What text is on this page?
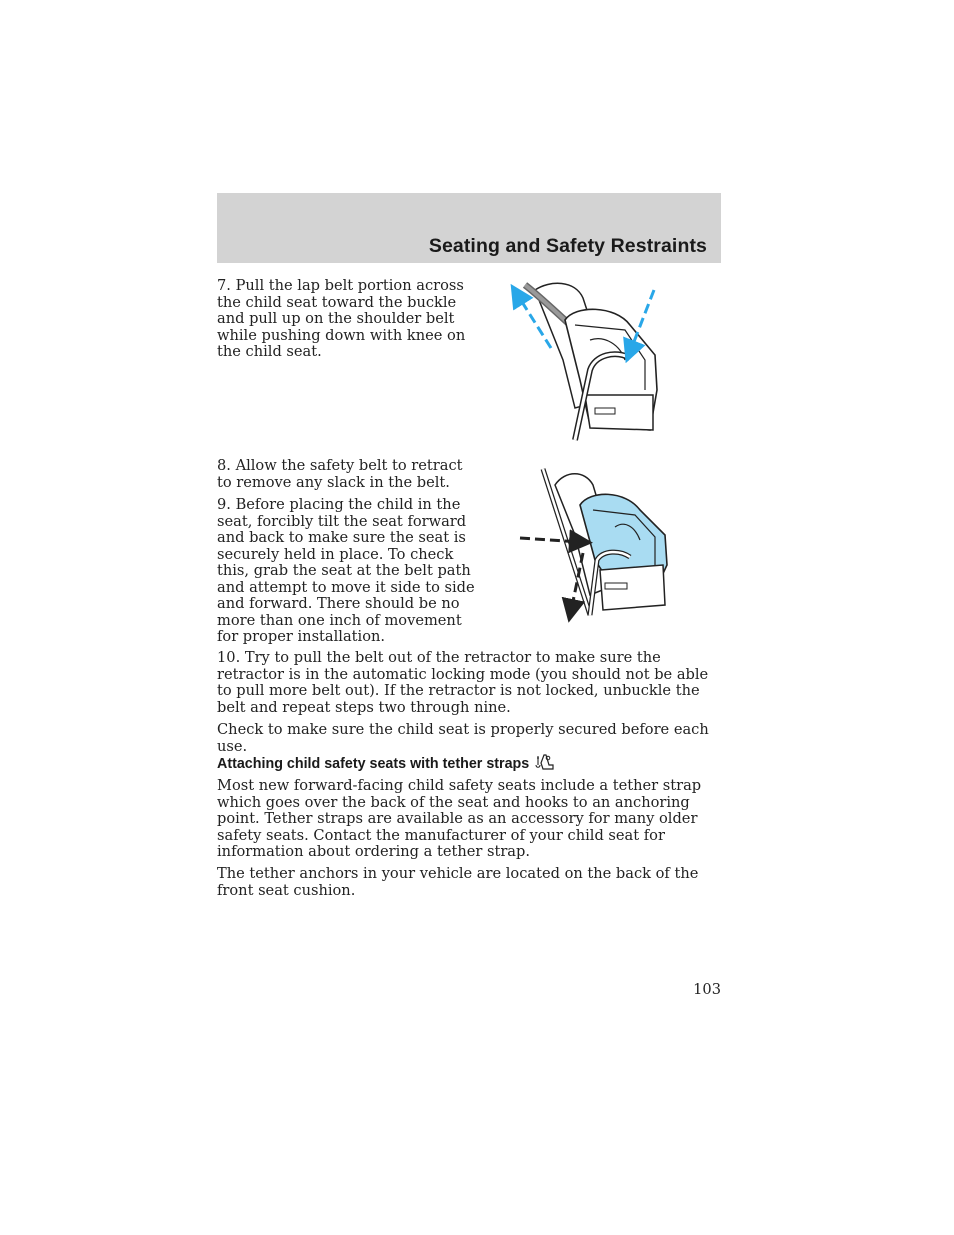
Seating and Safety Restraints

7. Pull the lap belt portion across the child seat toward the buckle and pull up on the shoulder belt while pushing down with knee on the child seat.

8. Allow the safety belt to retract to remove any slack in the belt.

9. Before placing the child in the seat, forcibly tilt the seat forward and back to make sure the seat is securely held in place. To check this, grab the seat at the belt path and attempt to move it side to side and forward. There should be no more than one inch of movement for proper installation.

10. Try to pull the belt out of the retractor to make sure the retractor is in the automatic locking mode (you should not be able to pull more belt out). If the retractor is not locked, unbuckle the belt and repeat steps two through nine.

Check to make sure the child seat is properly secured before each use.

Attaching child safety seats with tether straps

Most new forward-facing child safety seats include a tether strap which goes over the back of the seat and hooks to an anchoring point. Tether straps are available as an accessory for many older safety seats. Contact the manufacturer of your child seat for information about ordering a tether strap.

The tether anchors in your vehicle are located on the back of the front seat cushion.

103
